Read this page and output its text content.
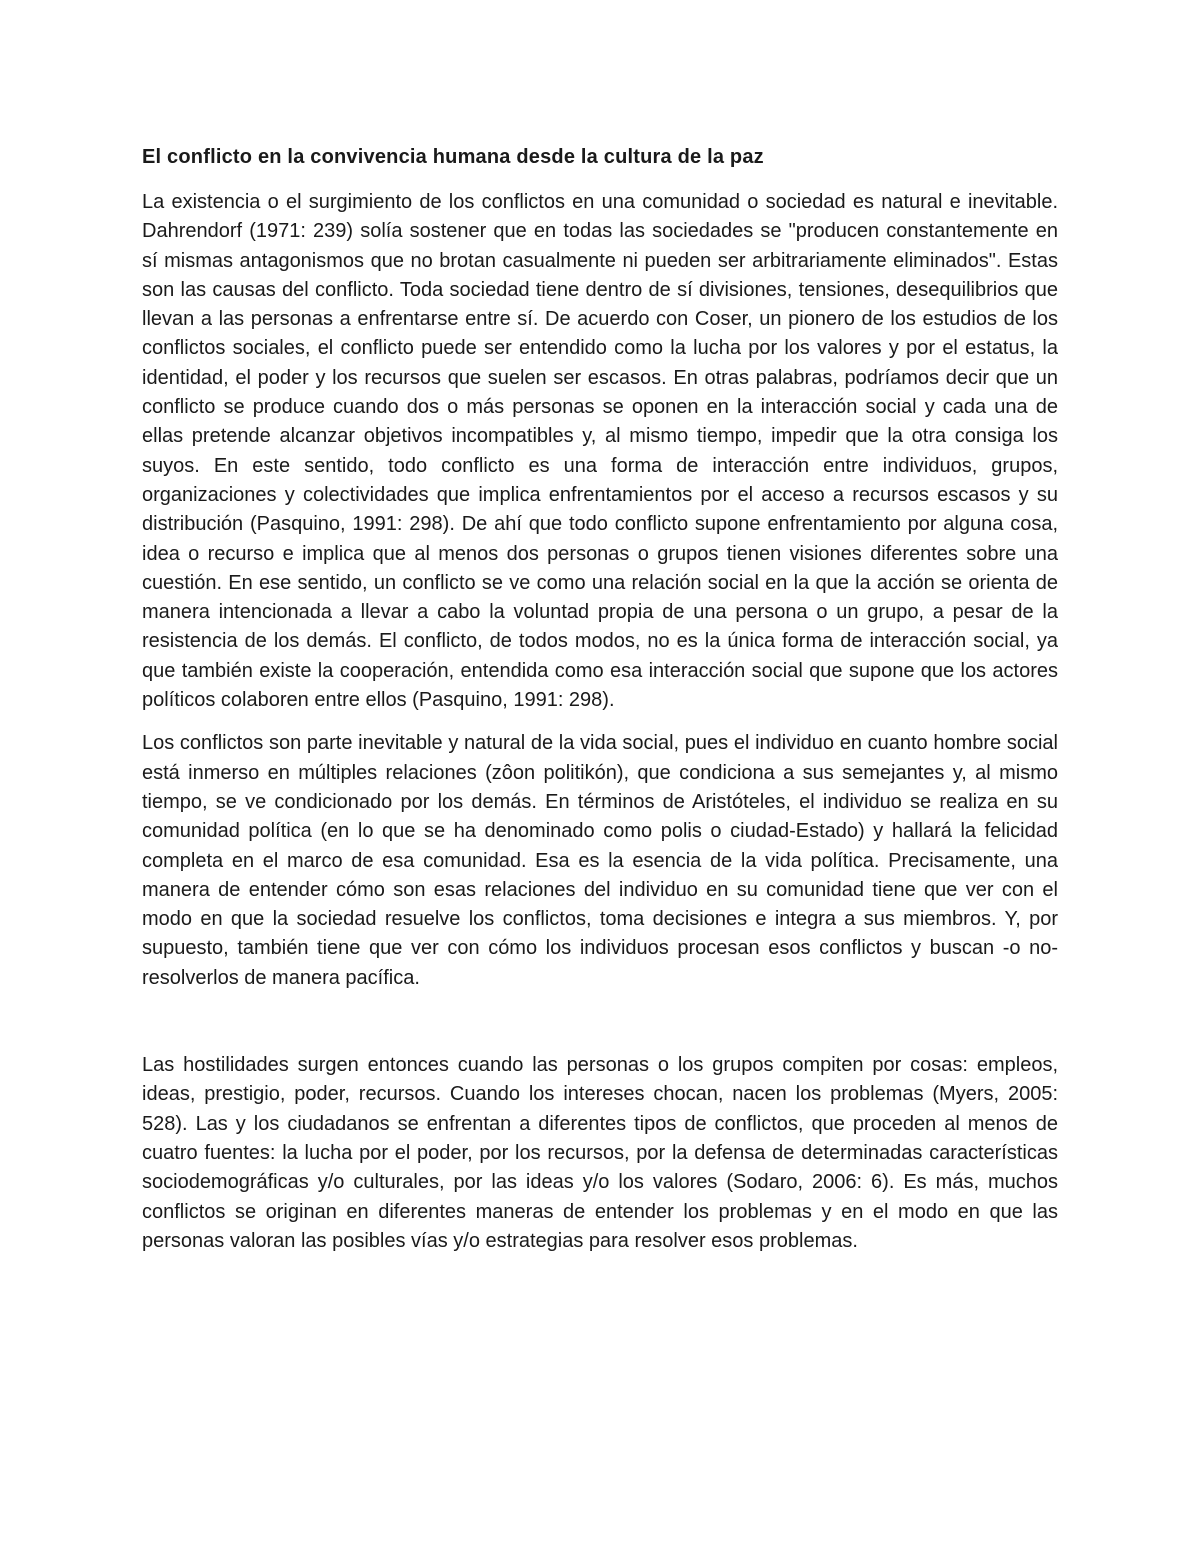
El conflicto en la convivencia humana desde la cultura de la paz

La existencia o el surgimiento de los conflictos en una comunidad o sociedad es natural e inevitable. Dahrendorf (1971: 239) solía sostener que en todas las sociedades se "producen constantemente en sí mismas antagonismos que no brotan casualmente ni pueden ser arbitrariamente eliminados". Estas son las causas del conflicto. Toda sociedad tiene dentro de sí divisiones, tensiones, desequilibrios que llevan a las personas a enfrentarse entre sí. De acuerdo con Coser, un pionero de los estudios de los conflictos sociales, el conflicto puede ser entendido como la lucha por los valores y por el estatus, la identidad, el poder y los recursos que suelen ser escasos. En otras palabras, podríamos decir que un conflicto se produce cuando dos o más personas se oponen en la interacción social y cada una de ellas pretende alcanzar objetivos incompatibles y, al mismo tiempo, impedir que la otra consiga los suyos. En este sentido, todo conflicto es una forma de interacción entre individuos, grupos, organizaciones y colectividades que implica enfrentamientos por el acceso a recursos escasos y su distribución (Pasquino, 1991: 298). De ahí que todo conflicto supone enfrentamiento por alguna cosa, idea o recurso e implica que al menos dos personas o grupos tienen visiones diferentes sobre una cuestión. En ese sentido, un conflicto se ve como una relación social en la que la acción se orienta de manera intencionada a llevar a cabo la voluntad propia de una persona o un grupo, a pesar de la resistencia de los demás. El conflicto, de todos modos, no es la única forma de interacción social, ya que también existe la cooperación, entendida como esa interacción social que supone que los actores políticos colaboren entre ellos (Pasquino, 1991: 298).

Los conflictos son parte inevitable y natural de la vida social, pues el individuo en cuanto hombre social está inmerso en múltiples relaciones (zôon politikón), que condiciona a sus semejantes y, al mismo tiempo, se ve condicionado por los demás. En términos de Aristóteles, el individuo se realiza en su comunidad política (en lo que se ha denominado como polis o ciudad-Estado) y hallará la felicidad completa en el marco de esa comunidad. Esa es la esencia de la vida política. Precisamente, una manera de entender cómo son esas relaciones del individuo en su comunidad tiene que ver con el modo en que la sociedad resuelve los conflictos, toma decisiones e integra a sus miembros. Y, por supuesto, también tiene que ver con cómo los individuos procesan esos conflictos y buscan -o no- resolverlos de manera pacífica.

Las hostilidades surgen entonces cuando las personas o los grupos compiten por cosas: empleos, ideas, prestigio, poder, recursos. Cuando los intereses chocan, nacen los problemas (Myers, 2005: 528). Las y los ciudadanos se enfrentan a diferentes tipos de conflictos, que proceden al menos de cuatro fuentes: la lucha por el poder, por los recursos, por la defensa de determinadas características sociodemográficas y/o culturales, por las ideas y/o los valores (Sodaro, 2006: 6). Es más, muchos conflictos se originan en diferentes maneras de entender los problemas y en el modo en que las personas valoran las posibles vías y/o estrategias para resolver esos problemas.
